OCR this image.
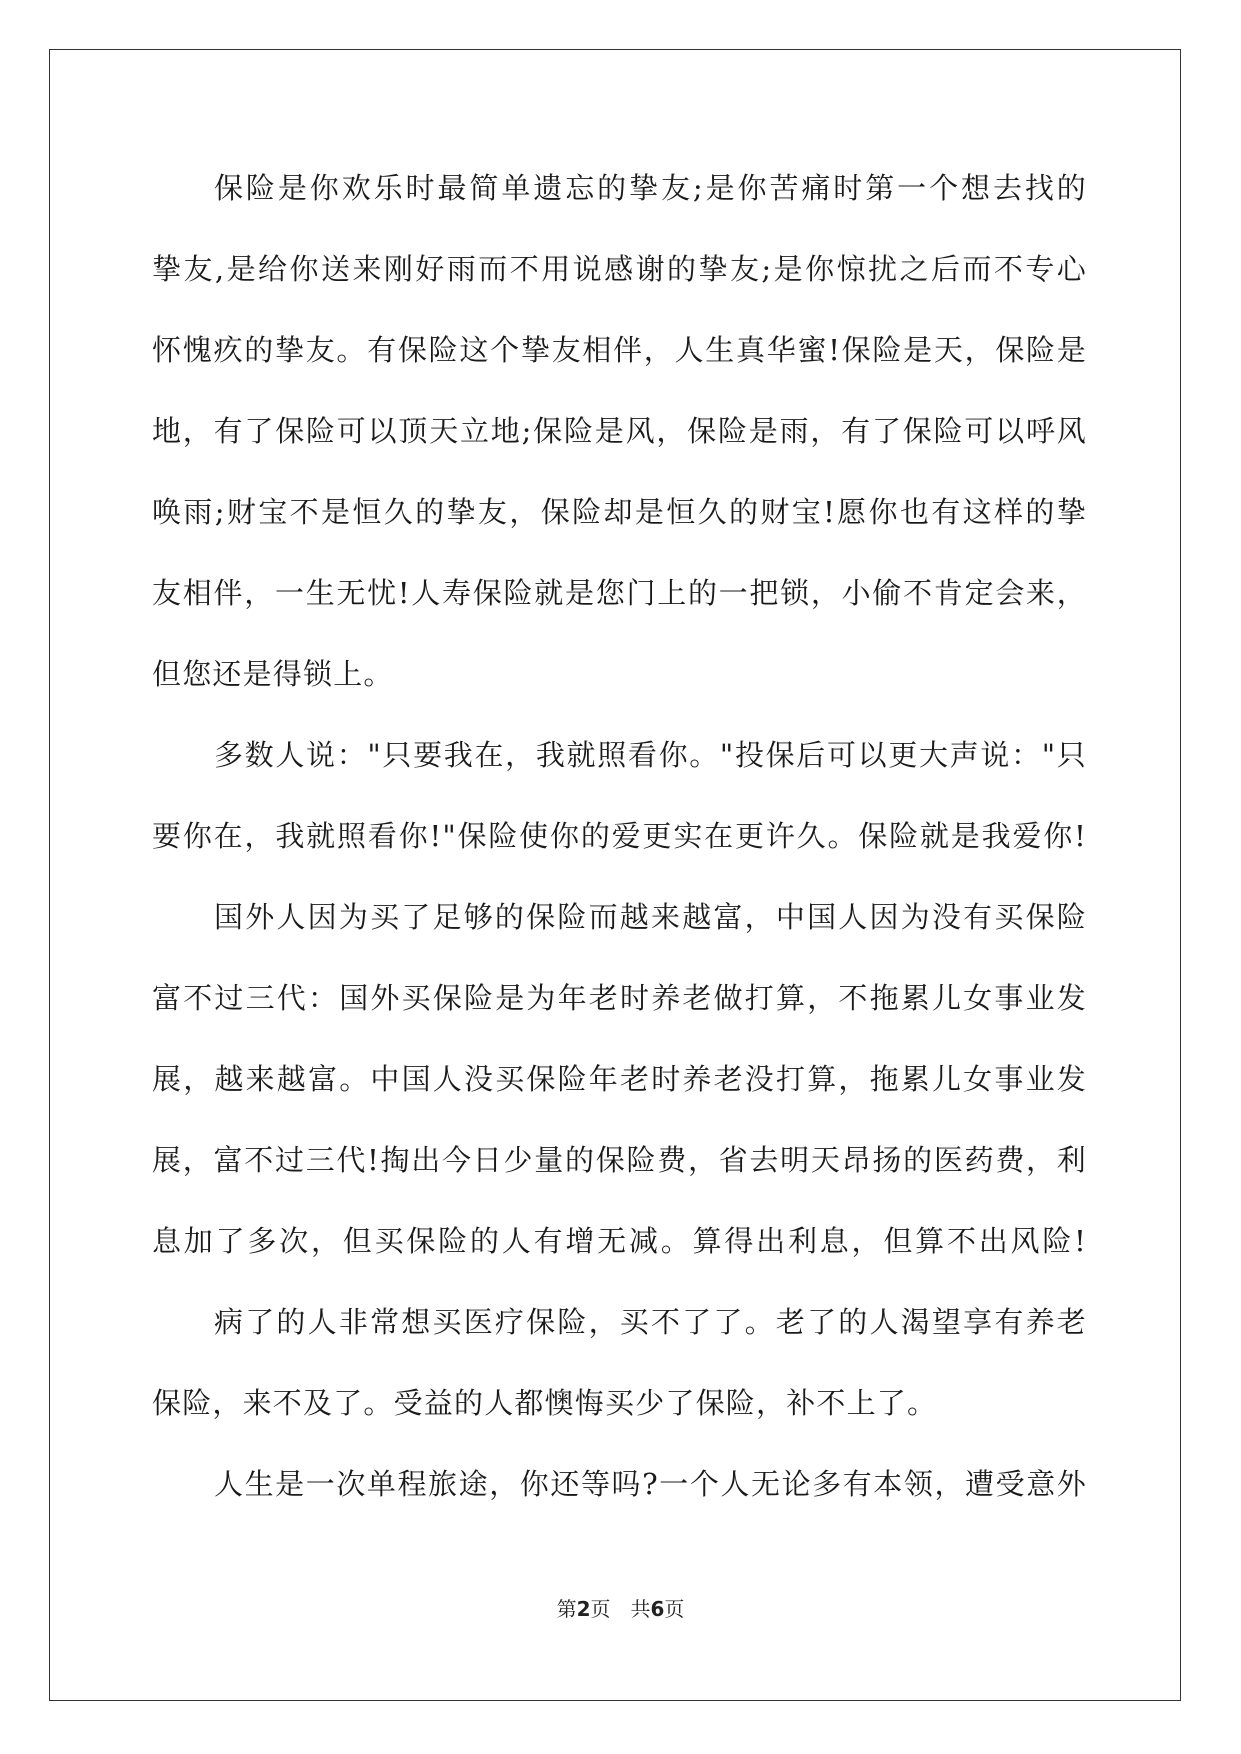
保险是你欢乐时最简单遗忘的挚友;是你苦痛时第一个想去找的
挚友,是给你送来刚好雨而不用说感谢的挚友;是你惊扰之后而不专心
怀愧疚的挚友。有保险这个挚友相伴，人生真华蜜!保险是天，保险是
地，有了保险可以顶天立地;保险是风，保险是雨，有了保险可以呼风
唤雨;财宝不是恒久的挚友，保险却是恒久的财宝!愿你也有这样的挚
友相伴，一生无忧!人寿保险就是您门上的一把锁，小偷不肯定会来，
但您还是得锁上。
多数人说："只要我在，我就照看你。"投保后可以更大声说："只
要你在，我就照看你!"保险使你的爱更实在更许久。保险就是我爱你!
国外人因为买了足够的保险而越来越富，中国人因为没有买保险
富不过三代：国外买保险是为年老时养老做打算，不拖累儿女事业发
展，越来越富。中国人没买保险年老时养老没打算，拖累儿女事业发
展，富不过三代!掏出今日少量的保险费，省去明天昂扬的医药费，利
息加了多次，但买保险的人有增无减。算得出利息，但算不出风险!
病了的人非常想买医疗保险，买不了了。老了的人渴望享有养老
保险，来不及了。受益的人都懊悔买少了保险，补不上了。
人生是一次单程旅途，你还等吗?一个人无论多有本领，遭受意外
第2页　共6页
